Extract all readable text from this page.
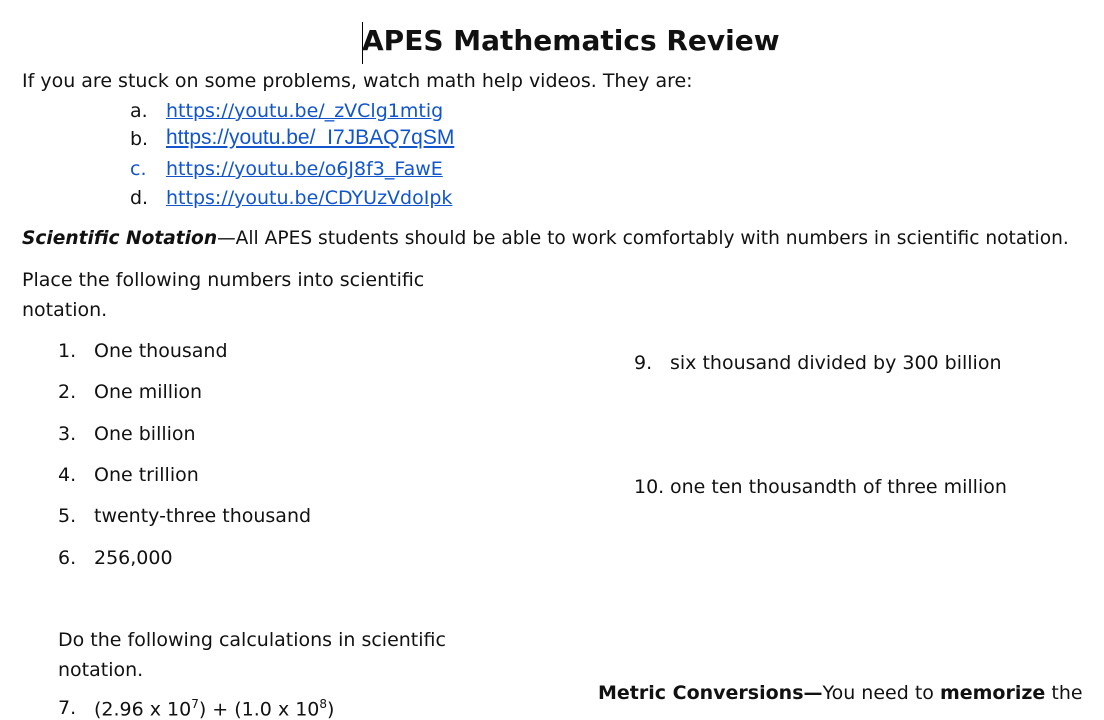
APES Mathematics Review
If you are stuck on some problems, watch math help videos. They are:
a. https://youtu.be/_zVClg1mtig
b. https://youtu.be/_I7JBAQ7qSM
c. https://youtu.be/o6J8f3_FawE
d. https://youtu.be/CDYUzVdoIpk
Scientific Notation—All APES students should be able to work comfortably with numbers in scientific notation.
Place the following numbers into scientific
notation.
1. One thousand
2. One million
3. One billion
4. One trillion
5. twenty-three thousand
6. 256,000
9. six thousand divided by 300 billion
10. one ten thousandth of three million
Do the following calculations in scientific
notation.
7. (2.96 x $10^7) + (1.0$ x $10^8$)
Metric Conversions—You need to memorize the
